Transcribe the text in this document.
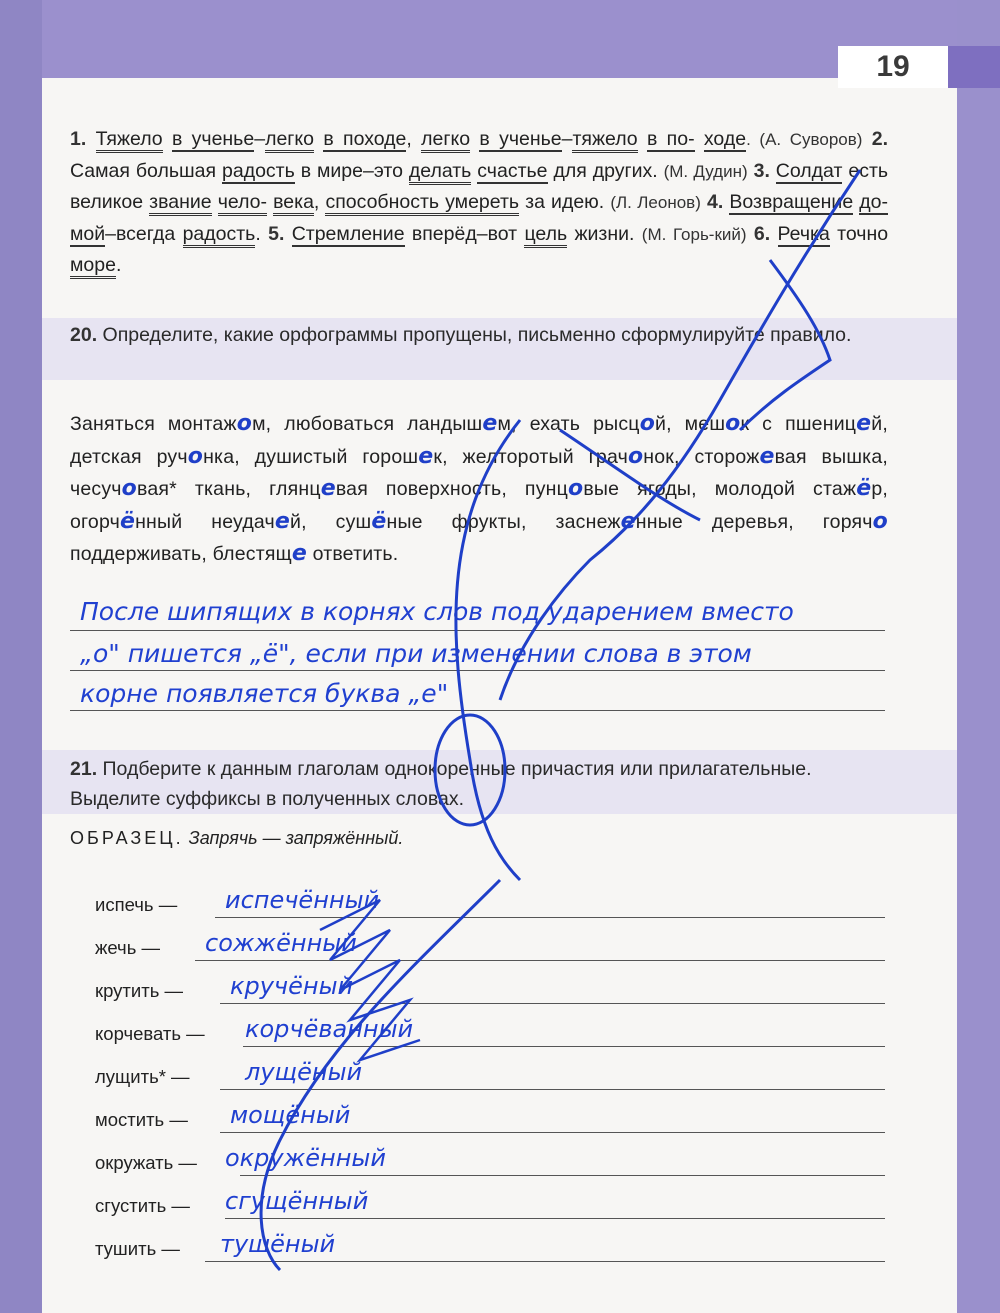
19
1. Тяжело в ученье–легко в походе, легко в ученье–тяжело в по- ходе. (А. Суворов) 2. Самая большая радость в мире–это делать счастье для других. (М. Дудин) 3. Солдат есть великое звание чело- века, способность умереть за идею. (Л. Леонов) 4. Возвращение до- мой–всегда радость. 5. Стремление вперёд–вот цель жизни. (М. Горь-кий) 6. Речка точно море.
20. Определите, какие орфограммы пропущены, письменно сформулируйте правило.
Заняться монтажом, любоваться ландышем, ехать рысцой, мешок с пшеницей, детская ручонка, душистый горошек, желторотый грачонок, сторожевая вышка, чесучовая* ткань, глянцевая поверхность, пунцовые ягоды, молодой стажёр, огорчённый неудачей, сушёные фрукты, заснеженные деревья, горячо поддерживать, блестяще ответить.
После шипящих в корнях слов под ударением вместо
„о" пишется „ё", если при изменении слова в этом
корне появляется буква „е"
21. Подберите к данным глаголам однокоренные причастия или прилагательные. Выделите суффиксы в полученных словах.
ОБРАЗЕЦ. Запрячь — запряжённый.
испечь — испечённый
жечь — сожжённый
крутить — кручёный
корчевать — корчёванный
лущить* — лущёный
мостить — мощёный
окружать — окружённый
сгустить — сгущённый
тушить — тушёный
